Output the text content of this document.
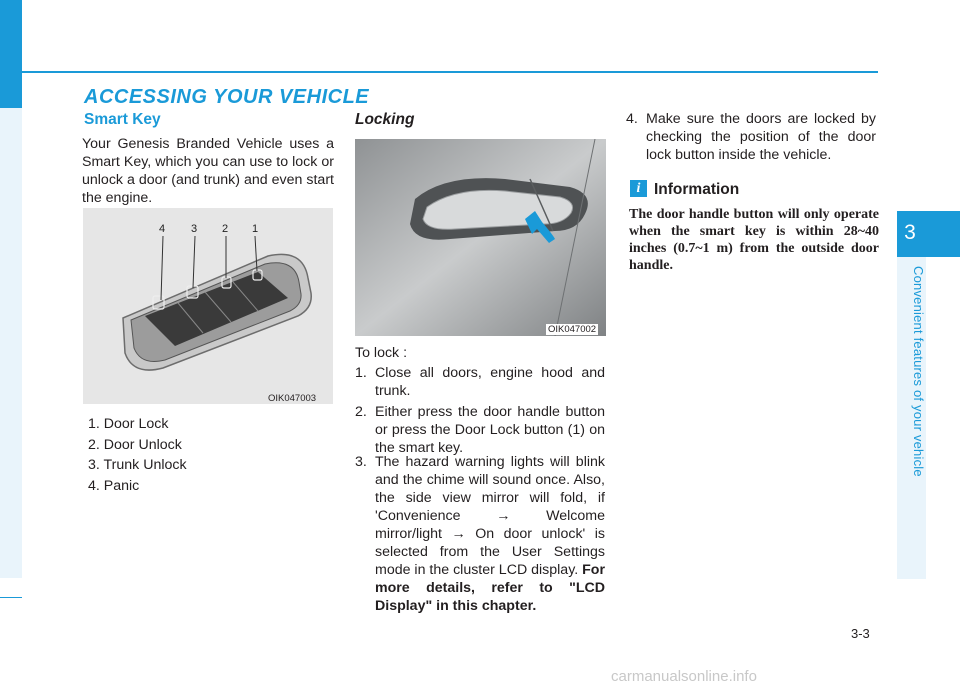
ACCESSING YOUR VEHICLE
3
Convenient features of your vehicle
Smart Key
Your Genesis Branded Vehicle uses a Smart Key, which you can use to lock or unlock a door (and trunk) and even start the engine.
4 3 2 1
OIK047003
1. Door Lock
2. Door Unlock
3. Trunk Unlock
4. Panic
Locking
OIK047002
To lock :
1. Close all doors, engine hood and trunk.
2. Either press the door handle button or press the Door Lock button (1) on the smart key.
3. The hazard warning lights will blink and the chime will sound once. Also, the side view mirror will fold, if 'Convenience → Welcome mirror/light → On door unlock' is selected from the User Settings mode in the cluster LCD display. For more details, refer to "LCD Display" in this chapter.
4. Make sure the doors are locked by checking the position of the door lock button inside the vehicle.
i Information
The door handle button will only operate when the smart key is within 28~40 inches (0.7~1 m) from the outside door handle.
3-3
carmanualsonline.info
